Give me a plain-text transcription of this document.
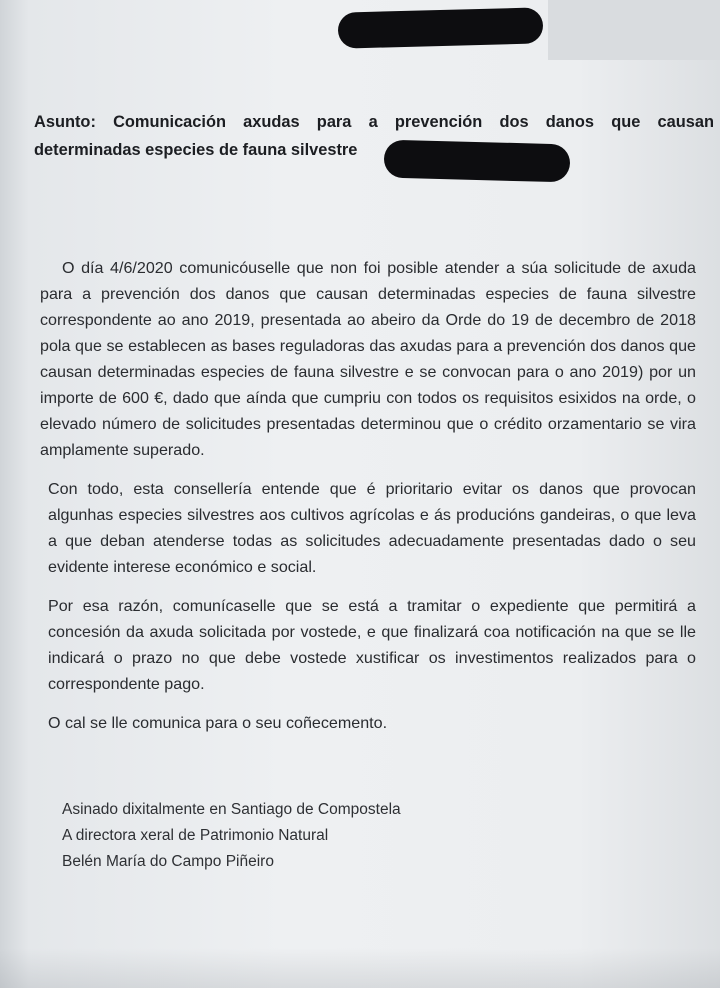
Asunto: Comunicación axudas para a prevención dos danos que causan
determinadas especies de fauna silvestre

O día 4/6/2020 comunicóuselle que non foi posible atender a súa solicitude de axuda para a prevención dos danos que causan determinadas especies de fauna silvestre correspondente ao ano 2019, presentada ao abeiro da Orde do 19 de decembro de 2018 pola que se establecen as bases reguladoras das axudas para a prevención dos danos que causan determinadas especies de fauna silvestre e se convocan para o ano 2019) por un importe de 600 €, dado que aínda que cumpriu con todos os requisitos esixidos na orde, o elevado número de solicitudes presentadas determinou que o crédito orzamentario se vira amplamente superado.

Con todo, esta consellería entende que é prioritario evitar os danos que provocan algunhas especies silvestres aos cultivos agrícolas e ás producións gandeiras, o que leva a que deban atenderse todas as solicitudes adecuadamente presentadas dado o seu evidente interese económico e social.

Por esa razón, comunícaselle que se está a tramitar o expediente que permitirá a concesión da axuda solicitada por vostede, e que finalizará coa notificación na que se lle indicará o prazo no que debe vostede xustificar os investimentos realizados para o correspondente pago.

O cal se lle comunica para o seu coñecemento.

Asinado dixitalmente en Santiago de Compostela
A directora xeral de Patrimonio Natural
Belén María do Campo Piñeiro
